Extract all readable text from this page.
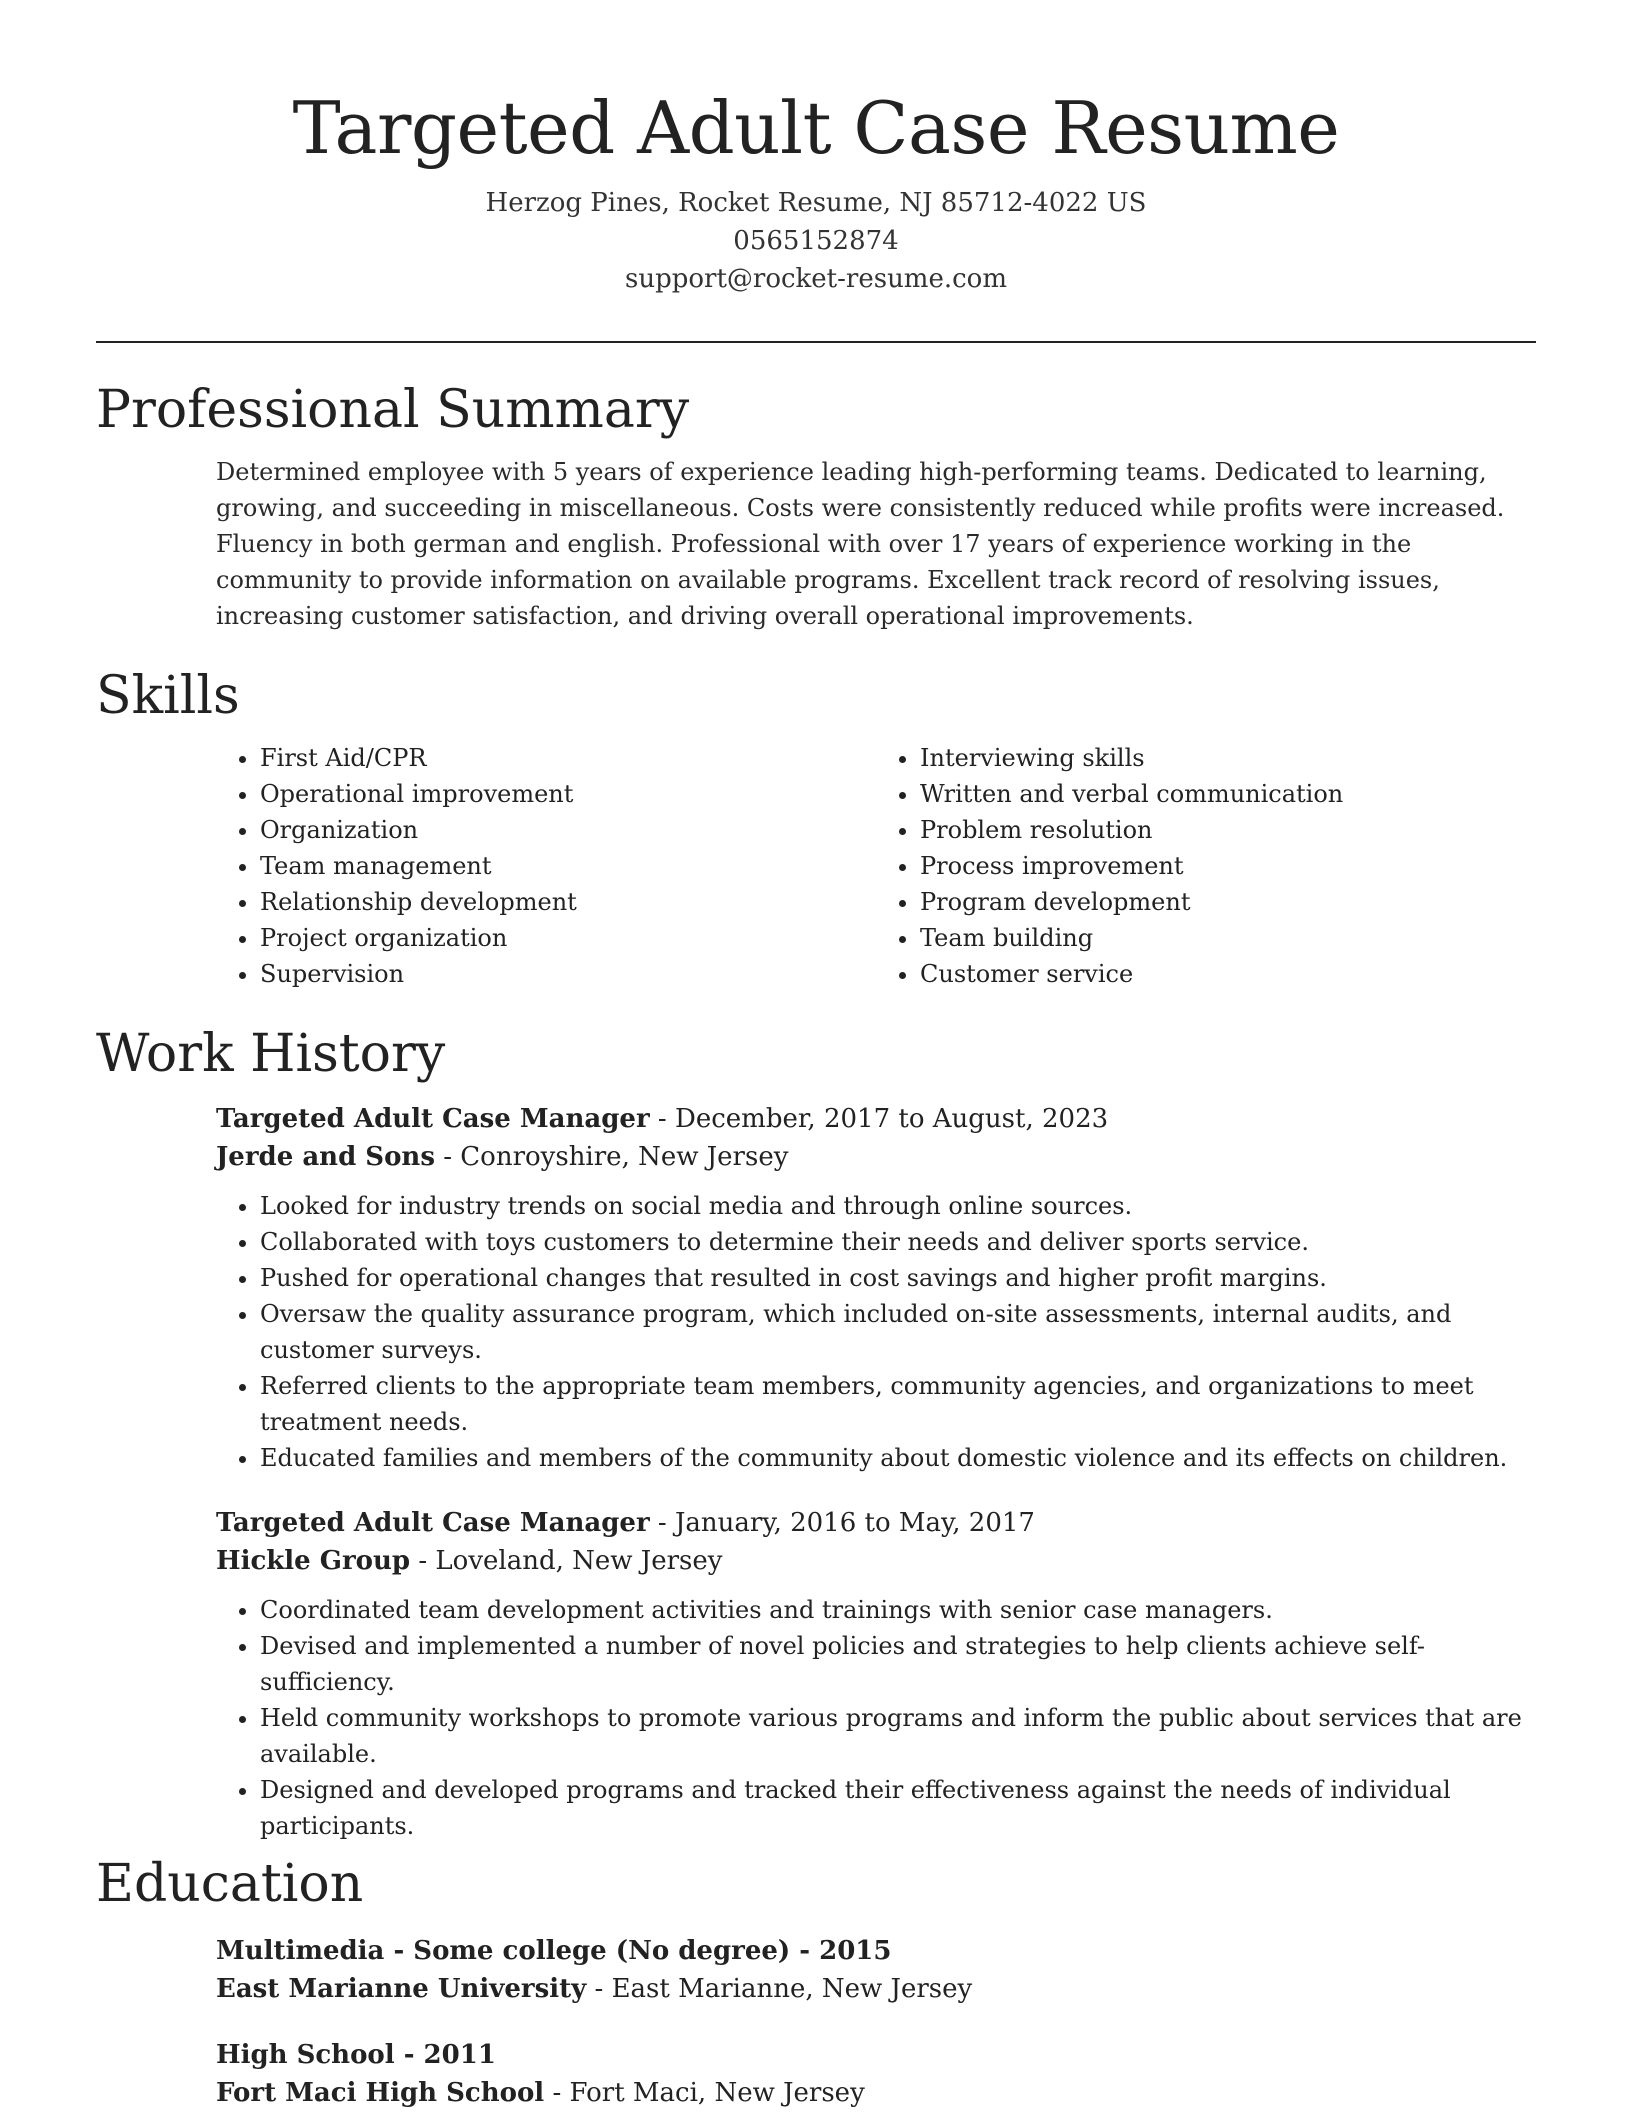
Targeted Adult Case Resume
Herzog Pines, Rocket Resume, NJ 85712-4022 US
0565152874
support@rocket-resume.com
Professional Summary
Determined employee with 5 years of experience leading high-performing teams. Dedicated to learning, growing, and succeeding in miscellaneous. Costs were consistently reduced while profits were increased. Fluency in both german and english. Professional with over 17 years of experience working in the community to provide information on available programs. Excellent track record of resolving issues, increasing customer satisfaction, and driving overall operational improvements.
Skills
• First Aid/CPR
• Operational improvement
• Organization
• Team management
• Relationship development
• Project organization
• Supervision
• Interviewing skills
• Written and verbal communication
• Problem resolution
• Process improvement
• Program development
• Team building
• Customer service
Work History
Targeted Adult Case Manager - December, 2017 to August, 2023
Jerde and Sons - Conroyshire, New Jersey
• Looked for industry trends on social media and through online sources.
• Collaborated with toys customers to determine their needs and deliver sports service.
• Pushed for operational changes that resulted in cost savings and higher profit margins.
• Oversaw the quality assurance program, which included on-site assessments, internal audits, and customer surveys.
• Referred clients to the appropriate team members, community agencies, and organizations to meet treatment needs.
• Educated families and members of the community about domestic violence and its effects on children.
Targeted Adult Case Manager - January, 2016 to May, 2017
Hickle Group - Loveland, New Jersey
• Coordinated team development activities and trainings with senior case managers.
• Devised and implemented a number of novel policies and strategies to help clients achieve self-sufficiency.
• Held community workshops to promote various programs and inform the public about services that are available.
• Designed and developed programs and tracked their effectiveness against the needs of individual participants.
Education
Multimedia - Some college (No degree) - 2015
East Marianne University - East Marianne, New Jersey
High School - 2011
Fort Maci High School - Fort Maci, New Jersey
